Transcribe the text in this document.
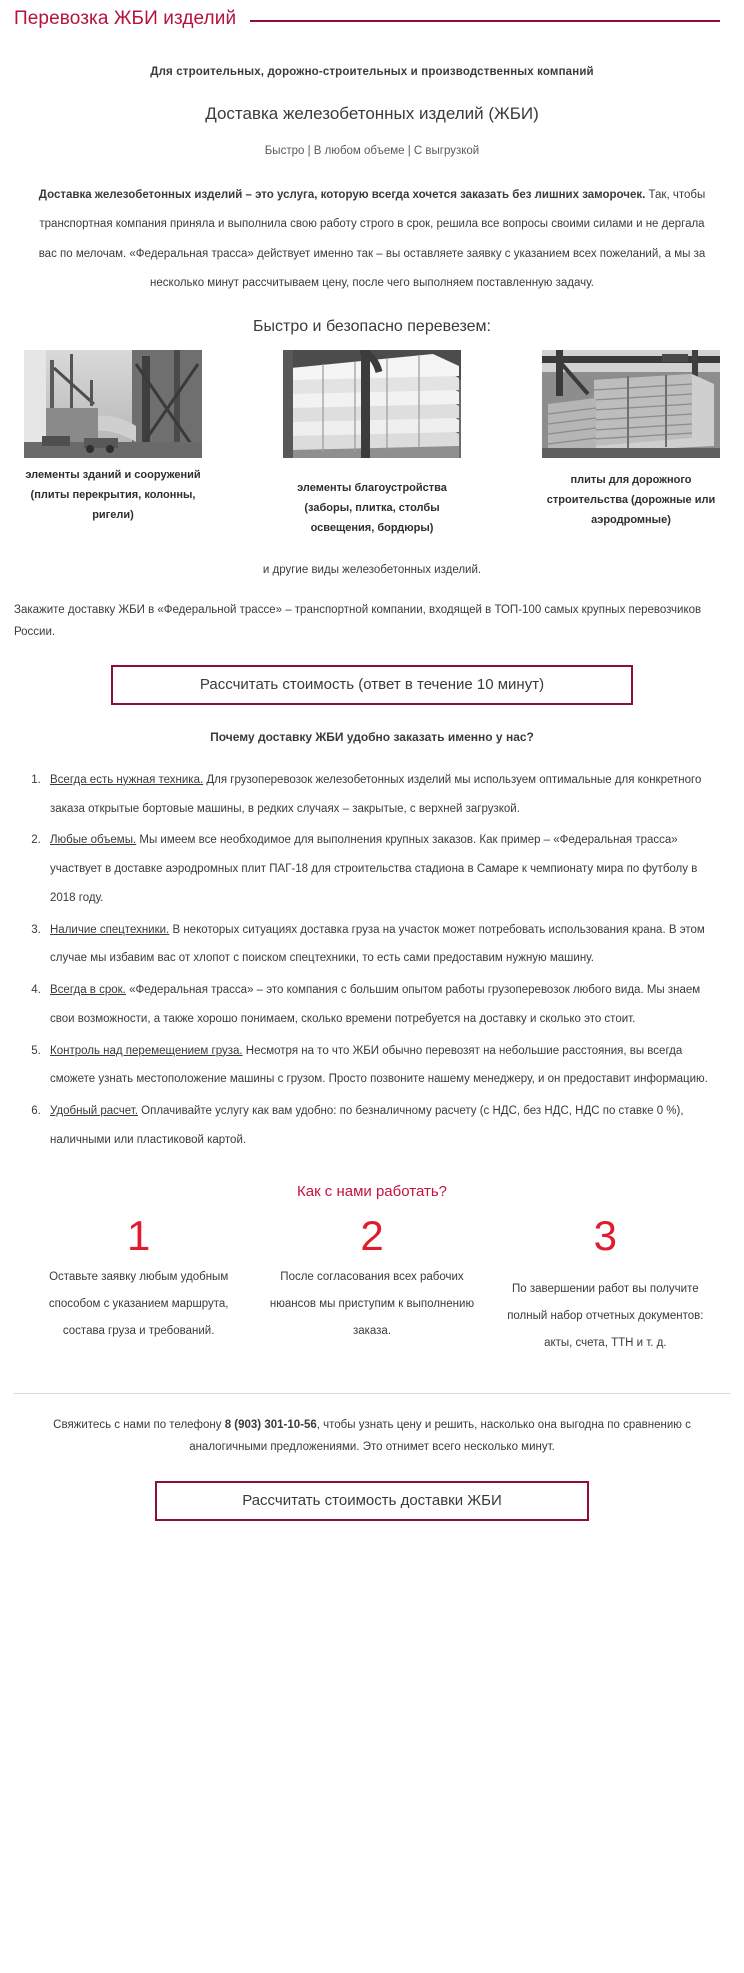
Перевозка ЖБИ изделий
Для строительных, дорожно-строительных и производственных компаний
Доставка железобетонных изделий (ЖБИ)
Быстро | В любом объеме | С выгрузкой

Доставка железобетонных изделий – это услуга, которую всегда хочется заказать без лишних заморочек. Так, чтобы транспортная компания приняла и выполнила свою работу строго в срок, решила все вопросы своими силами и не дергала вас по мелочам. «Федеральная трасса» действует именно так – вы оставляете заявку с указанием всех пожеланий, а мы за несколько минут рассчитываем цену, после чего выполняем поставленную задачу.

Быстро и безопасно перевезем:
элементы зданий и сооружений (плиты перекрытия, колонны, ригели)
элементы благоустройства (заборы, плитка, столбы освещения, бордюры)
плиты для дорожного строительства (дорожные или аэродромные)
и другие виды железобетонных изделий.

Закажите доставку ЖБИ в «Федеральной трассе» – транспортной компании, входящей в ТОП-100 самых крупных перевозчиков России.

Рассчитать стоимость (ответ в течение 10 минут)
Почему доставку ЖБИ удобно заказать именно у нас?
1. Всегда есть нужная техника. Для грузоперевозок железобетонных изделий мы используем оптимальные для конкретного заказа открытые бортовые машины, в редких случаях – закрытые, с верхней загрузкой.
2. Любые объемы. Мы имеем все необходимое для выполнения крупных заказов. Как пример – «Федеральная трасса» участвует в доставке аэродромных плит ПАГ-18 для строительства стадиона в Самаре к чемпионату мира по футболу в 2018 году.
3. Наличие спецтехники. В некоторых ситуациях доставка груза на участок может потребовать использования крана. В этом случае мы избавим вас от хлопот с поиском спецтехники, то есть сами предоставим нужную машину.
4. Всегда в срок. «Федеральная трасса» – это компания с большим опытом работы грузоперевозок любого вида. Мы знаем свои возможности, а также хорошо понимаем, сколько времени потребуется на доставку и сколько это стоит.
5. Контроль над перемещением груза. Несмотря на то что ЖБИ обычно перевозят на небольшие расстояния, вы всегда сможете узнать местоположение машины с грузом. Просто позвоните нашему менеджеру, и он предоставит информацию.
6. Удобный расчет. Оплачивайте услугу как вам удобно: по безналичному расчету (с НДС, без НДС, НДС по ставке 0 %), наличными или пластиковой картой.
Как с нами работать?
1
Оставьте заявку любым удобным способом с указанием маршрута, состава груза и требований.
2
После согласования всех рабочих нюансов мы приступим к выполнению заказа.
3
По завершении работ вы получите полный набор отчетных документов: акты, счета, ТТН и т. д.

Свяжитесь с нами по телефону 8 (903) 301-10-56, чтобы узнать цену и решить, насколько она выгодна по сравнению с аналогичными предложениями. Это отнимет всего несколько минут.

Рассчитать стоимость доставки ЖБИ
